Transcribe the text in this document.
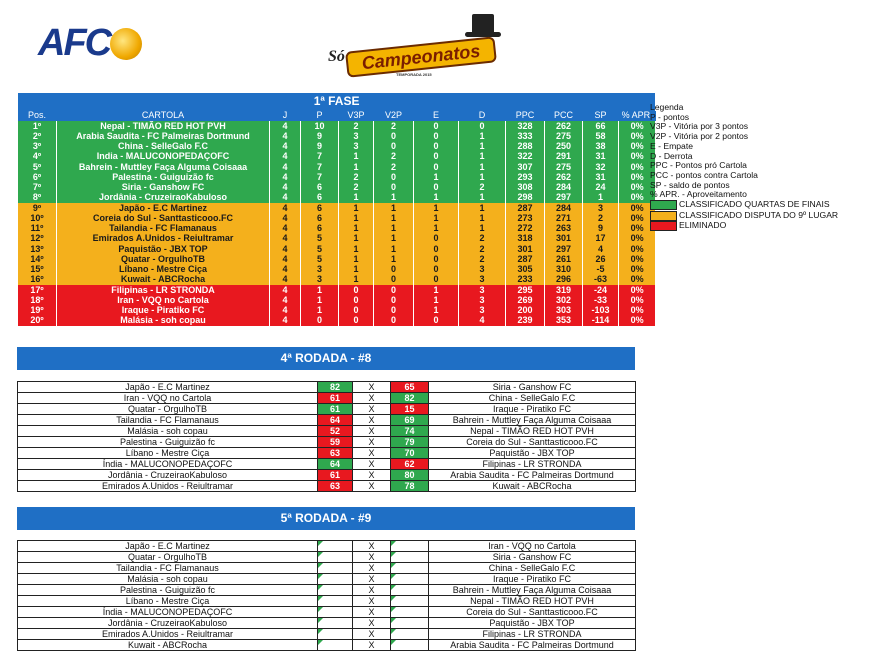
AFC	Só Campeonatos
TEMPORADA 2015
1ª FASE											
Pos.	CARTOLA	J	P	V3P	V2P	E	D	PPC	PCC	SP	% APR.
1º	Nepal - TIMÃO RED HOT PVH	4	10	2	2	0	0	328	262	66	0%
2º	Arabia Saudita - FC Palmeiras Dortmund	4	9	3	0	0	1	333	275	58	0%
3º	China - SelleGalo F.C	4	9	3	0	0	1	288	250	38	0%
4º	India - MALUCONOPEDAÇOFC	4	7	1	2	0	1	322	291	31	0%
5º	Bahrein - Muttley Faça Alguma Coisaaa	4	7	1	2	0	1	307	275	32	0%
6º	Palestina - Guiguizão fc	4	7	2	0	1	1	293	262	31	0%
7º	Siria - Ganshow FC	4	6	2	0	0	2	308	284	24	0%
8º	Jordânia - CruzeiraoKabuloso	4	6	1	1	1	1	298	297	1	0%
9º	Japão - E.C Martinez	4	6	1	1	1	1	287	284	3	0%
10º	Coreia do Sul - Santtasticooo.FC	4	6	1	1	1	1	273	271	2	0%
11º	Tailandia - FC Flamanaus	4	6	1	1	1	1	272	263	9	0%
12º	Emirados A.Unidos - Reiultramar	4	5	1	1	0	2	318	301	17	0%
13º	Paquistão - JBX TOP	4	5	1	1	0	2	301	297	4	0%
14º	Quatar - OrgulhoTB	4	5	1	1	0	2	287	261	26	0%
15º	Líbano - Mestre Ciça	4	3	1	0	0	3	305	310	-5	0%
16º	Kuwait - ABCRocha	4	3	1	0	0	3	233	296	-63	0%
17º	Filipinas - LR STRONDA	4	1	0	0	1	3	295	319	-24	0%
18º	Iran - VQQ no Cartola	4	1	0	0	1	3	269	302	-33	0%
19º	Iraque - Piratiko FC	4	1	0	0	1	3	200	303	-103	0%
20º	Malásia - soh copau	4	0	0	0	0	4	239	353	-114	0%
4ª RODADA - #8
Japão - E.C Martinez	82	X	65	Siria - Ganshow FC
Iran - VQQ no Cartola	61	X	82	China - SelleGalo F.C
Quatar - OrgulhoTB	61	X	15	Iraque - Piratiko FC
Tailandia - FC Flamanaus	64	X	69	Bahrein - Muttley Faça Alguma Coisaaa
Malásia - soh copau	52	X	74	Nepal - TIMÃO RED HOT PVH
Palestina - Guiguizão fc	59	X	79	Coreia do Sul - Santtasticooo.FC
Líbano - Mestre Ciça	63	X	70	Paquistão - JBX TOP
Índia - MALUCONOPEDAÇOFC	64	X	62	Filipinas - LR STRONDA
Jordânia - CruzeiraoKabuloso	61	X	80	Arabia Saudita - FC Palmeiras Dortmund
Emirados A.Unidos - Reiultramar	63	X	78	Kuwait - ABCRocha
5ª RODADA - #9
Japão - E.C Martinez		X		Iran - VQQ no Cartola
Quatar - OrgulhoTB		X		Siria - Ganshow FC
Tailandia - FC Flamanaus		X		China - SelleGalo F.C
Malásia - soh copau		X		Iraque - Piratiko FC
Palestina - Guiguizão fc		X		Bahrein - Muttley Faça Alguma Coisaaa
Líbano - Mestre Ciça		X		Nepal - TIMÃO RED HOT PVH
Índia - MALUCONOPEDAÇOFC		X		Coreia do Sul - Santtasticooo.FC
Jordânia - CruzeiraoKabuloso		X		Paquistão - JBX TOP
Emirados A.Unidos - Reiultramar		X		Filipinas - LR STRONDA
Kuwait - ABCRocha		X		Arabia Saudita - FC Palmeiras Dortmund
Legenda
P - pontos
V3P - Vitória por 3 pontos
V2P - Vitória por 2 pontos
E - Empate
D - Derrota
PPC - Pontos pró Cartola
PCC - pontos contra Cartola
SP - saldo de pontos
% APR. - Aproveitamento
CLASSIFICADO QUARTAS DE FINAIS
CLASSIFICADO DISPUTA DO 9º LUGAR
ELIMINADO
